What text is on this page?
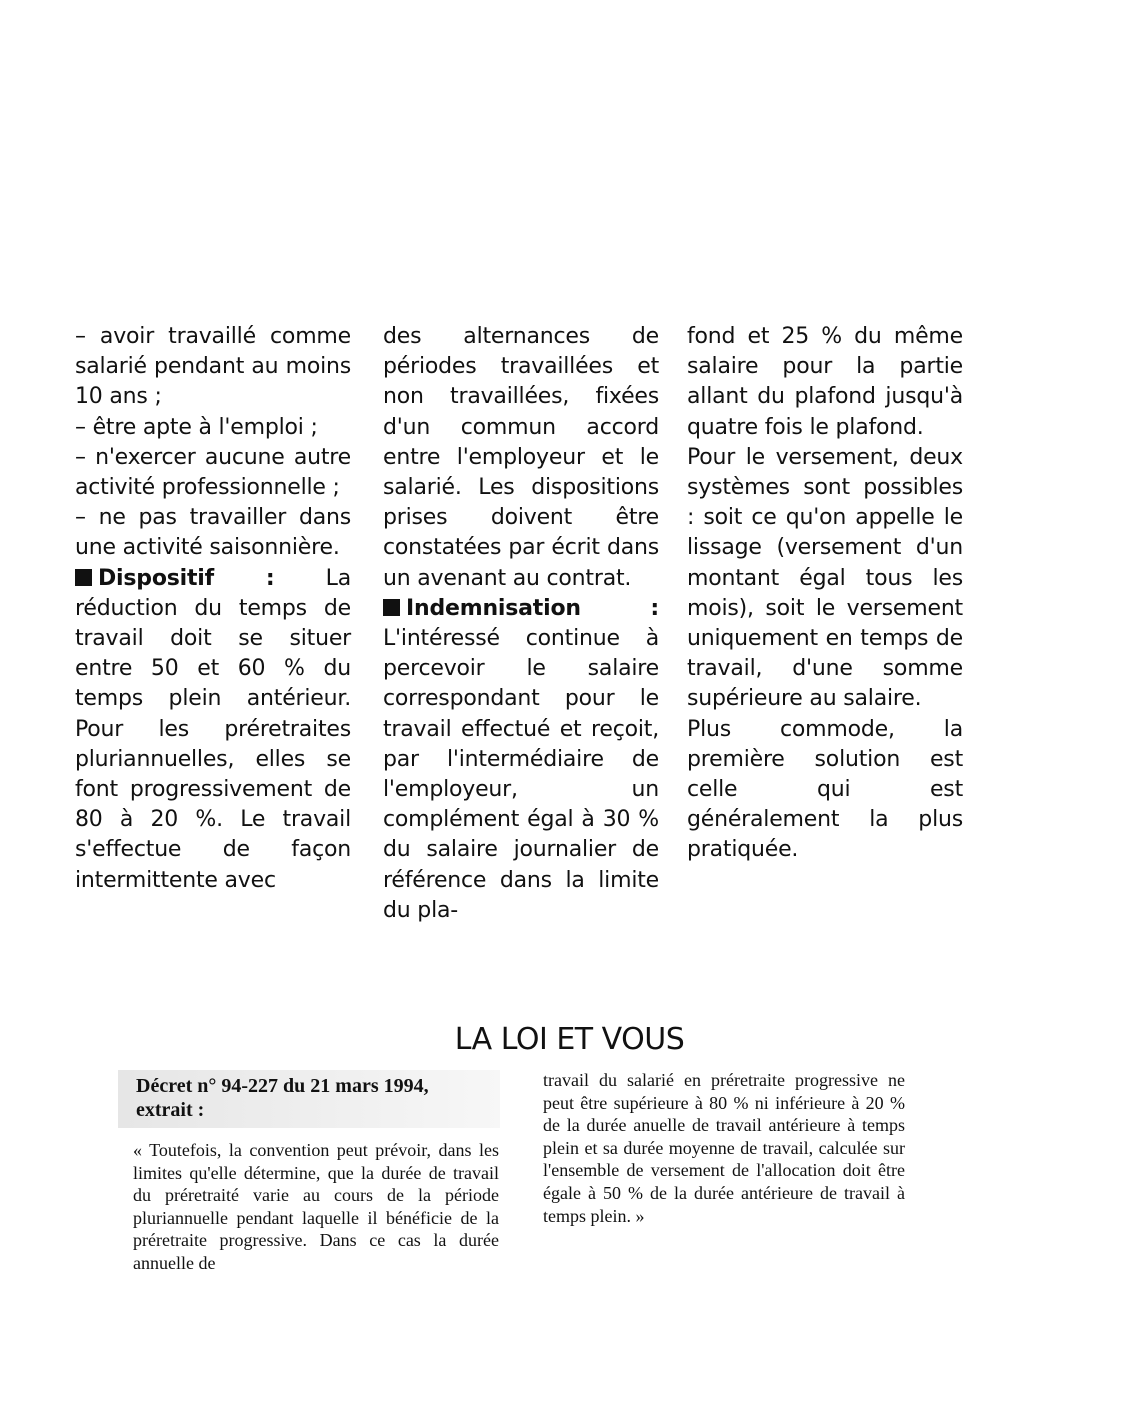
– avoir travaillé comme salarié pendant au moins 10 ans ;

– être apte à l'emploi ;

– n'exercer aucune autre activité professionnelle ;

– ne pas travailler dans une activité saisonnière.

Dispositif : La réduction du temps de travail doit se situer entre 50 et 60 % du temps plein antérieur. Pour les préretraites pluriannuelles, elles se font progressivement de 80 à 20 %. Le travail s'effectue de façon intermittente avec

des alternances de périodes travaillées et non travaillées, fixées d'un commun accord entre l'employeur et le salarié. Les dispositions prises doivent être constatées par écrit dans un avenant au contrat.

Indemnisation : L'intéressé continue à percevoir le salaire correspondant pour le travail effectué et reçoit, par l'intermédiaire de l'employeur, un complément égal à 30 % du salaire journalier de référence dans la limite du pla-

fond et 25 % du même salaire pour la partie allant du plafond jusqu'à quatre fois le plafond.

Pour le versement, deux systèmes sont possibles : soit ce qu'on appelle le lissage (versement d'un montant égal tous les mois), soit le versement uniquement en temps de travail, d'une somme supérieure au salaire.

Plus commode, la première solution est celle qui est généralement la plus pratiquée.

LA LOI ET VOUS
Décret n° 94-227 du 21 mars 1994,
extrait :

« Toutefois, la convention peut prévoir, dans les limites qu'elle détermine, que la durée de travail du préretraité varie au cours de la période pluriannuelle pendant laquelle il bénéficie de la préretraite progressive. Dans ce cas la durée annuelle de

travail du salarié en préretraite progressive ne peut être supérieure à 80 % ni inférieure à 20 % de la durée anuelle de travail antérieure à temps plein et sa durée moyenne de travail, calculée sur l'ensemble de versement de l'allocation doit être égale à 50 % de la durée antérieure de travail à temps plein. »
